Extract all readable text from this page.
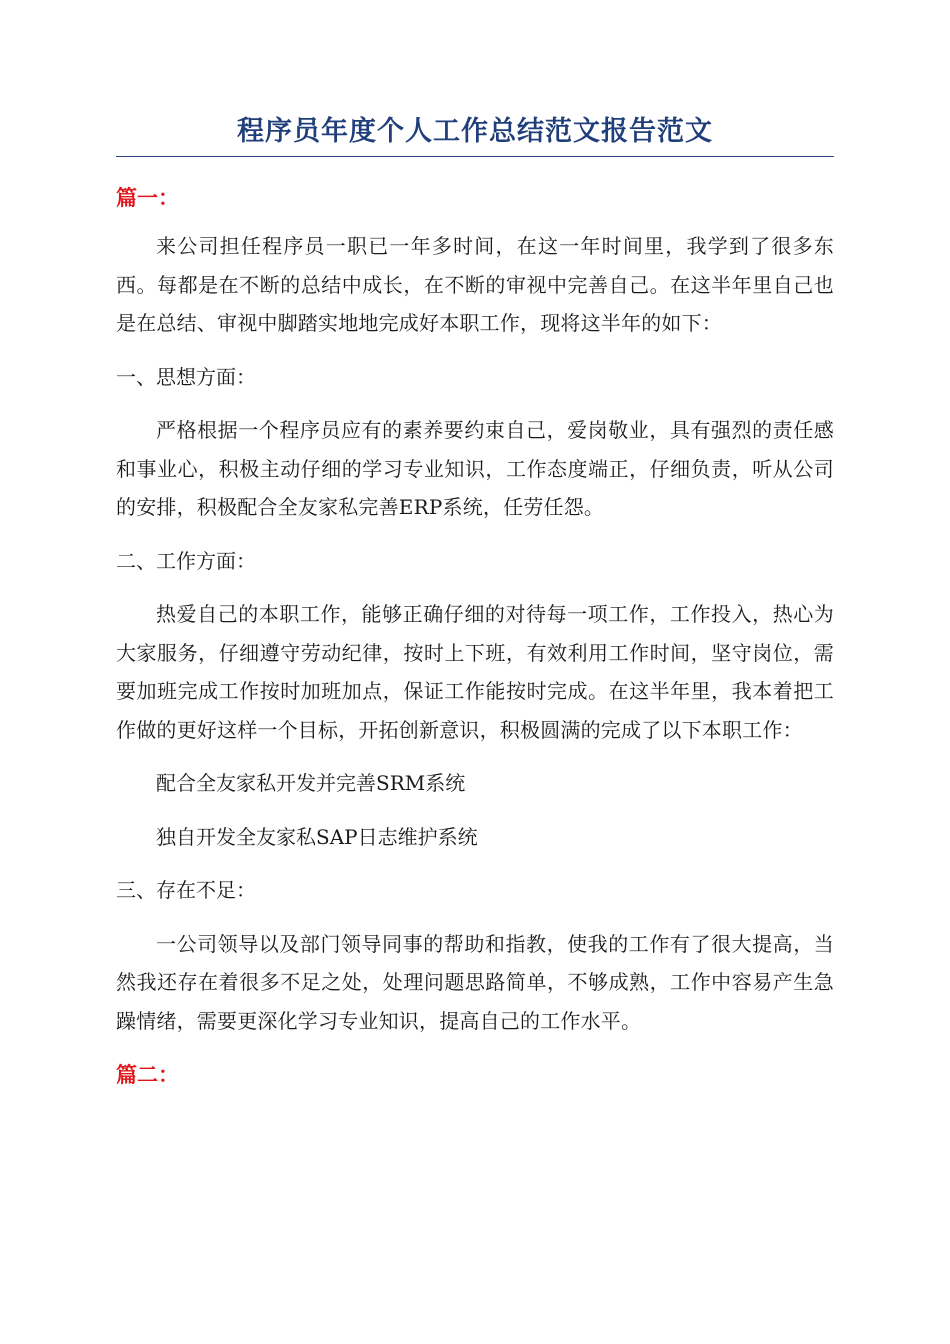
程序员年度个人工作总结范文报告范文
篇一：

来公司担任程序员一职已一年多时间，在这一年时间里，我学到了很多东西。每都是在不断的总结中成长，在不断的审视中完善自己。在这半年里自己也是在总结、审视中脚踏实地地完成好本职工作，现将这半年的如下：

一、思想方面：

严格根据一个程序员应有的素养要约束自己，爱岗敬业，具有强烈的责任感和事业心，积极主动仔细的学习专业知识，工作态度端正，仔细负责，听从公司的安排，积极配合全友家私完善ERP系统，任劳任怨。

二、工作方面：

热爱自己的本职工作，能够正确仔细的对待每一项工作，工作投入，热心为大家服务，仔细遵守劳动纪律，按时上下班，有效利用工作时间，坚守岗位，需要加班完成工作按时加班加点，保证工作能按时完成。在这半年里，我本着把工作做的更好这样一个目标，开拓创新意识，积极圆满的完成了以下本职工作：

配合全友家私开发并完善SRM系统

独自开发全友家私SAP日志维护系统

三、存在不足：

一公司领导以及部门领导同事的帮助和指教，使我的工作有了很大提高，当然我还存在着很多不足之处，处理问题思路简单，不够成熟，工作中容易产生急躁情绪，需要更深化学习专业知识，提高自己的工作水平。

篇二：
